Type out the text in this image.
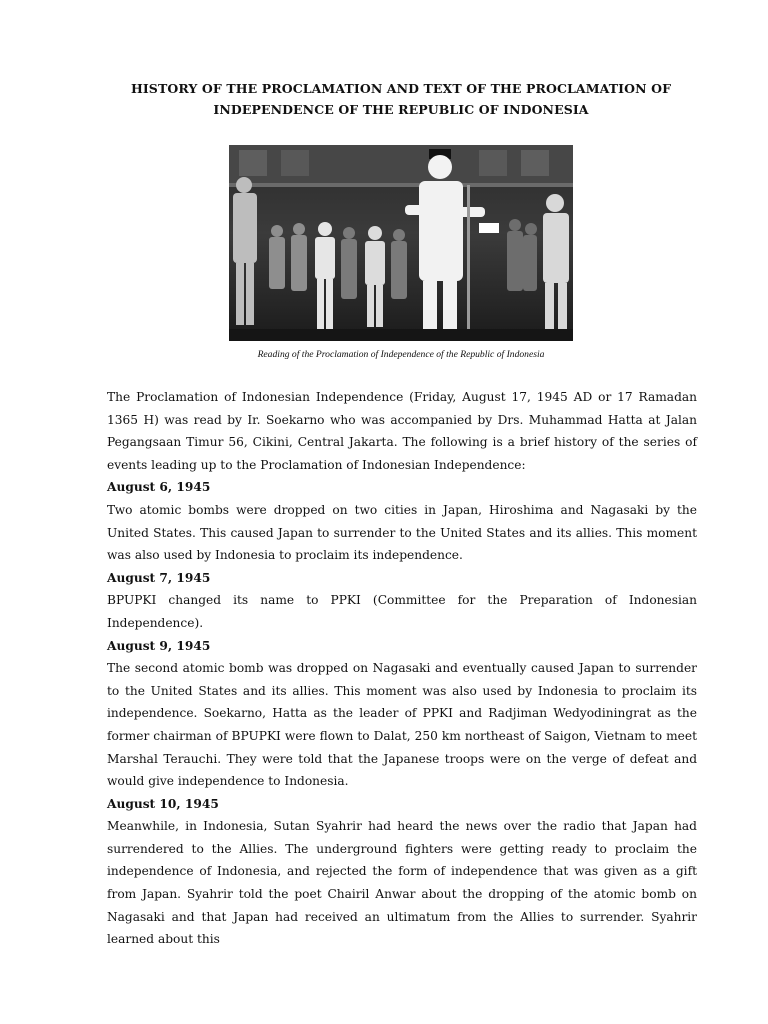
HISTORY OF THE PROCLAMATION AND TEXT OF THE PROCLAMATION OF
INDEPENDENCE OF THE REPUBLIC OF INDONESIA
Reading of the Proclamation of Independence of the Republic of Indonesia

The Proclamation of Indonesian Independence (Friday, August 17, 1945 AD or 17 Ramadan 1365 H) was read by Ir. Soekarno who was accompanied by Drs. Muhammad Hatta at Jalan Pegangsaan Timur 56, Cikini, Central Jakarta. The following is a brief history of the series of events leading up to the Proclamation of Indonesian Independence:

August 6, 1945

Two atomic bombs were dropped on two cities in Japan, Hiroshima and Nagasaki by the United States. This caused Japan to surrender to the United States and its allies. This moment was also used by Indonesia to proclaim its independence.

August 7, 1945

BPUPKI changed its name to PPKI (Committee for the Preparation of Indonesian Independence).

August 9, 1945

The second atomic bomb was dropped on Nagasaki and eventually caused Japan to surrender to the United States and its allies. This moment was also used by Indonesia to proclaim its independence. Soekarno, Hatta as the leader of PPKI and Radjiman Wedyodiningrat as the former chairman of BPUPKI were flown to Dalat, 250 km northeast of Saigon, Vietnam to meet Marshal Terauchi. They were told that the Japanese troops were on the verge of defeat and would give independence to Indonesia.

August 10, 1945

Meanwhile, in Indonesia, Sutan Syahrir had heard the news over the radio that Japan had surrendered to the Allies. The underground fighters were getting ready to proclaim the independence of Indonesia, and rejected the form of independence that was given as a gift from Japan. Syahrir told the poet Chairil Anwar about the dropping of the atomic bomb on Nagasaki and that Japan had received an ultimatum from the Allies to surrender. Syahrir learned about this
